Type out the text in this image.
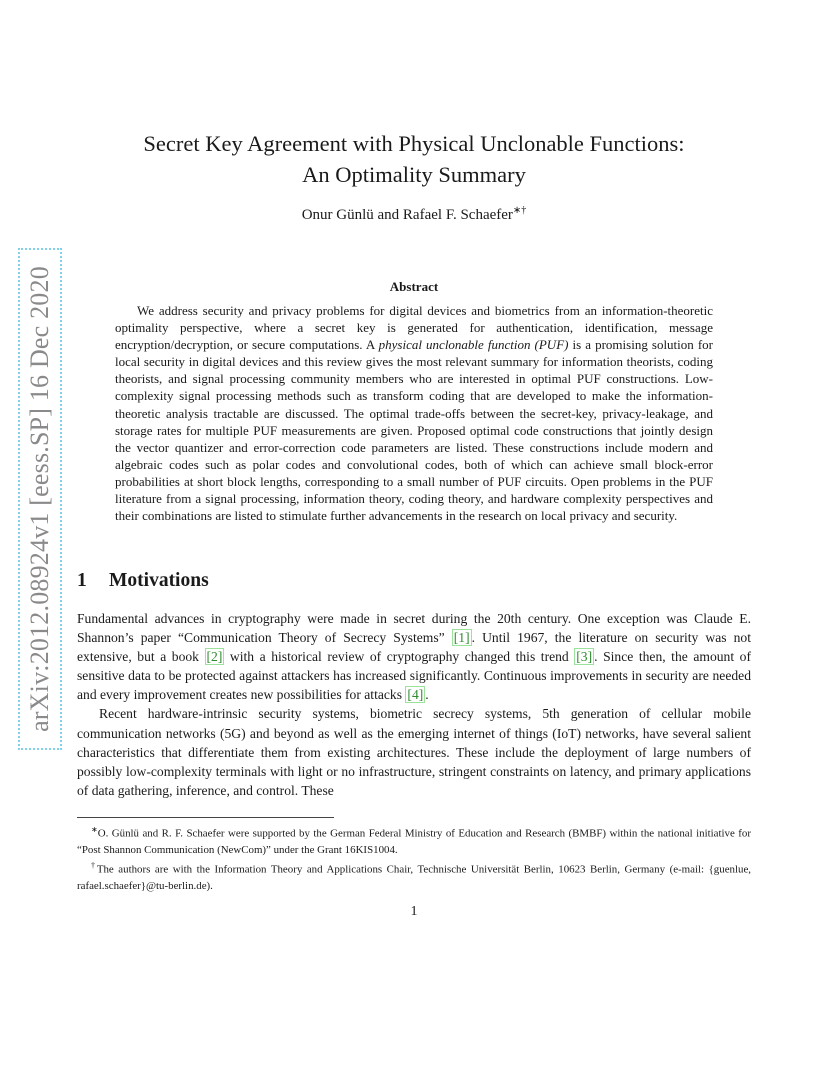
arXiv:2012.08924v1 [eess.SP] 16 Dec 2020
Secret Key Agreement with Physical Unclonable Functions:
An Optimality Summary
Onur Günlü and Rafael F. Schaefer∗†
Abstract

We address security and privacy problems for digital devices and biometrics from an information-theoretic optimality perspective, where a secret key is generated for authentication, identification, message encryption/decryption, or secure computations. A physical unclonable function (PUF) is a promising solution for local security in digital devices and this review gives the most relevant summary for information theorists, coding theorists, and signal processing community members who are interested in optimal PUF constructions. Low-complexity signal processing methods such as transform coding that are developed to make the information-theoretic analysis tractable are discussed. The optimal trade-offs between the secret-key, privacy-leakage, and storage rates for multiple PUF measurements are given. Proposed optimal code constructions that jointly design the vector quantizer and error-correction code parameters are listed. These constructions include modern and algebraic codes such as polar codes and convolutional codes, both of which can achieve small block-error probabilities at short block lengths, corresponding to a small number of PUF circuits. Open problems in the PUF literature from a signal processing, information theory, coding theory, and hardware complexity perspectives and their combinations are listed to stimulate further advancements in the research on local privacy and security.

1 Motivations

Fundamental advances in cryptography were made in secret during the 20th century. One exception was Claude E. Shannon’s paper “Communication Theory of Secrecy Systems” [1] . Until 1967, the literature on security was not extensive, but a book [2] with a historical review of cryptography changed this trend [3] . Since then, the amount of sensitive data to be protected against attackers has increased significantly. Continuous improvements in security are needed and every improvement creates new possibilities for attacks [4] .

Recent hardware-intrinsic security systems, biometric secrecy systems, 5th generation of cellular mobile communication networks (5G) and beyond as well as the emerging internet of things (IoT) networks, have several salient characteristics that differentiate them from existing architectures. These include the deployment of large numbers of possibly low-complexity terminals with light or no infrastructure, stringent constraints on latency, and primary applications of data gathering, inference, and control. These

∗O. Günlü and R. F. Schaefer were supported by the German Federal Ministry of Education and Research (BMBF) within the national initiative for “Post Shannon Communication (NewCom)” under the Grant 16KIS1004.

†The authors are with the Information Theory and Applications Chair, Technische Universität Berlin, 10623 Berlin, Germany (e-mail: {guenlue, rafael.schaefer}@tu-berlin.de).

1
